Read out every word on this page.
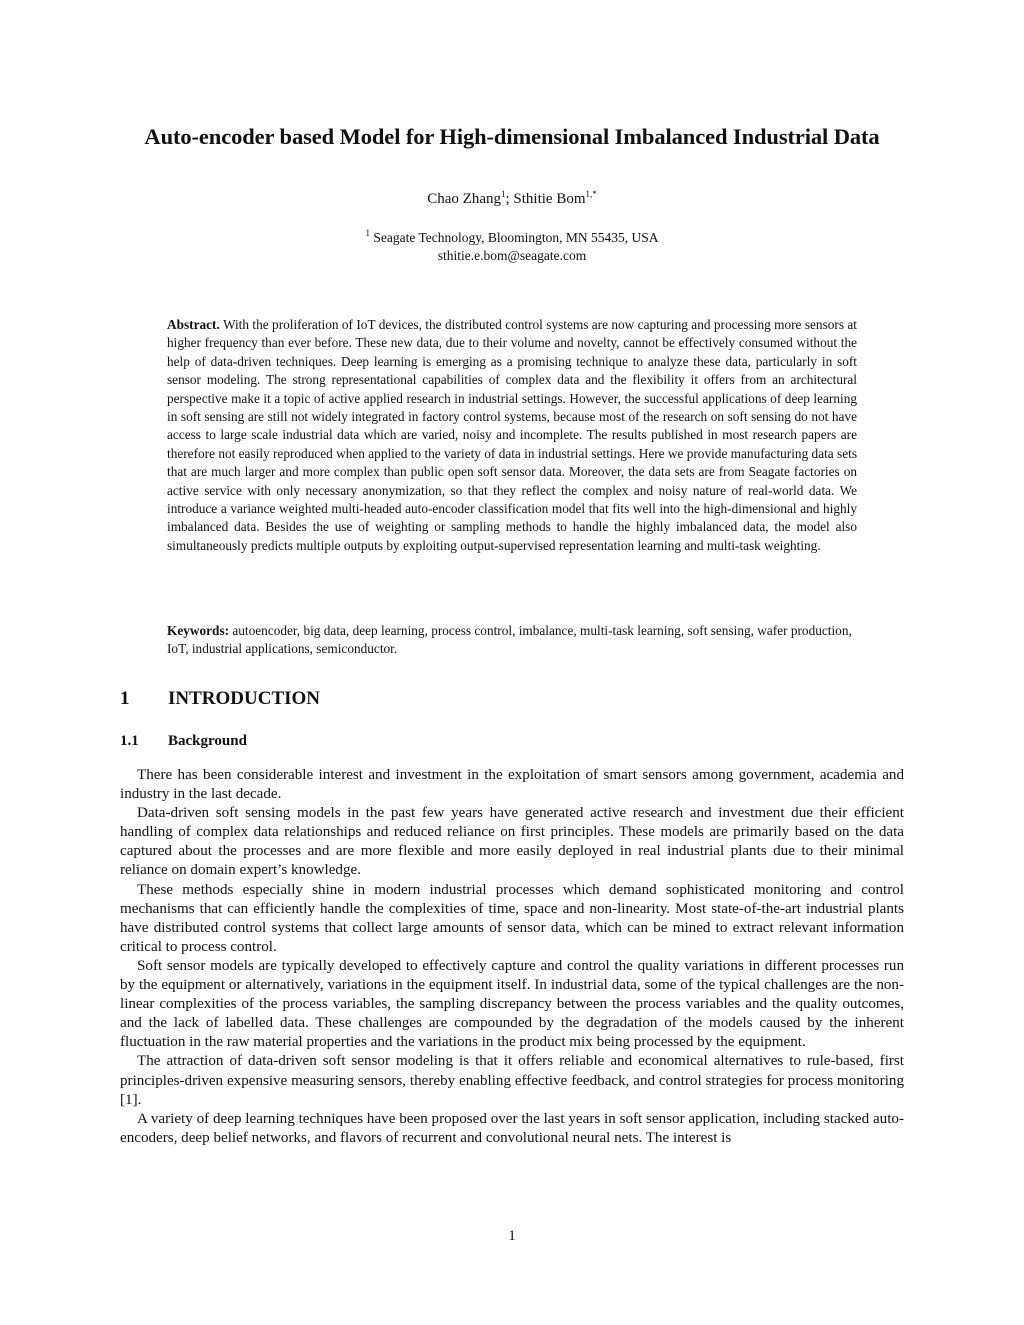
Auto-encoder based Model for High-dimensional Imbalanced Industrial Data
Chao Zhang$^1$; Sthitie Bom$^{1,*}$
$^1$ Seagate Technology, Bloomington, MN 55435, USA
sthitie.e.bom@seagate.com
Abstract. With the proliferation of IoT devices, the distributed control systems are now capturing and processing more sensors at higher frequency than ever before. These new data, due to their volume and novelty, cannot be effectively consumed without the help of data-driven techniques. Deep learning is emerging as a promising technique to analyze these data, particularly in soft sensor modeling. The strong representational capabilities of complex data and the flexibility it offers from an architectural perspective make it a topic of active applied research in industrial settings. However, the successful applications of deep learning in soft sensing are still not widely integrated in factory control systems, because most of the research on soft sensing do not have access to large scale industrial data which are varied, noisy and incomplete. The results published in most research papers are therefore not easily reproduced when applied to the variety of data in industrial settings. Here we provide manufacturing data sets that are much larger and more complex than public open soft sensor data. Moreover, the data sets are from Seagate factories on active service with only necessary anonymization, so that they reflect the complex and noisy nature of real-world data. We introduce a variance weighted multi-headed auto-encoder classification model that fits well into the high-dimensional and highly imbalanced data. Besides the use of weighting or sampling methods to handle the highly imbalanced data, the model also simultaneously predicts multiple outputs by exploiting output-supervised representation learning and multi-task weighting.
Keywords: autoencoder, big data, deep learning, process control, imbalance, multi-task learning, soft sensing, wafer production, IoT, industrial applications, semiconductor.
1 INTRODUCTION
1.1 Background

There has been considerable interest and investment in the exploitation of smart sensors among government, academia and industry in the last decade.

Data-driven soft sensing models in the past few years have generated active research and investment due their efficient handling of complex data relationships and reduced reliance on first principles. These models are primarily based on the data captured about the processes and are more flexible and more easily deployed in real industrial plants due to their minimal reliance on domain expert’s knowledge.

These methods especially shine in modern industrial processes which demand sophisticated monitoring and control mechanisms that can efficiently handle the complexities of time, space and non-linearity. Most state-of-the-art industrial plants have distributed control systems that collect large amounts of sensor data, which can be mined to extract relevant information critical to process control.

Soft sensor models are typically developed to effectively capture and control the quality variations in different processes run by the equipment or alternatively, variations in the equipment itself. In industrial data, some of the typical challenges are the non-linear complexities of the process variables, the sampling discrepancy between the process variables and the quality outcomes, and the lack of labelled data. These challenges are compounded by the degradation of the models caused by the inherent fluctuation in the raw material properties and the variations in the product mix being processed by the equipment.

The attraction of data-driven soft sensor modeling is that it offers reliable and economical alternatives to rule-based, first principles-driven expensive measuring sensors, thereby enabling effective feedback, and control strategies for process monitoring [1].

A variety of deep learning techniques have been proposed over the last years in soft sensor application, including stacked auto-encoders, deep belief networks, and flavors of recurrent and convolutional neural nets. The interest is

1
